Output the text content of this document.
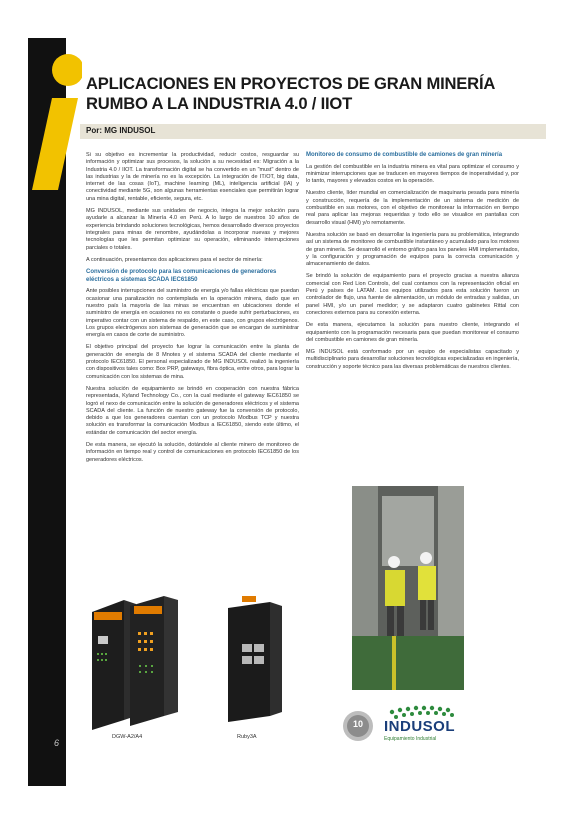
6
APLICACIONES EN PROYECTOS DE GRAN MINERÍA
RUMBO A LA INDUSTRIA 4.0 / IIOT
Por: MG INDUSOL

Si su objetivo es incrementar la productividad, reducir costos, resguardar su información y optimizar sus procesos, la solución a su necesidad es: Migración a la Industria 4.0 / IIOT. La transformación digital se ha convertido en un "must" dentro de las industrias y la de minería no es la excepción. La integración de IT/OT, big data, internet de las cosas (IoT), machine learning (ML), inteligencia artificial (IA) y conectividad mediante 5G, son algunas herramientas esenciales que permitirán lograr una mina digital, rentable, eficiente, segura, etc.

MG INDUSOL, mediante sus unidades de negocio, integra la mejor solución para ayudarle a alcanzar la Minería 4.0 en Perú. A lo largo de nuestros 10 años de experiencia brindando soluciones tecnológicas, hemos desarrollado diversos proyectos integrales para minas de renombre, ayudándolas a incorporar nuevas y mejores tecnologías que les permitan optimizar su operación, eliminando interrupciones parciales o totales.

A continuación, presentamos dos aplicaciones para el sector de minería:

Conversión de protocolo para las comunicaciones de generadores eléctricos a sistemas SCADA IEC61850

Ante posibles interrupciones del suministro de energía y/o fallas eléctricas que puedan ocasionar una paralización no contemplada en la operación minera, dado que en nuestro país la mayoría de las minas se encuentran en ubicaciones donde el suministro de energía en ocasiones no es constante o puede sufrir perturbaciones, es imperativo contar con un sistema de respaldo, en este caso, con grupos electrógenos. Los grupos electrógenos son sistemas de generación que se encargan de suministrar energía en casos de corte de suministro.

El objetivo principal del proyecto fue lograr la comunicación entre la planta de generación de energía de 8 Mnotes y el sistema SCADA del cliente mediante el protocolo IEC61850. El personal especializado de MG INDUSOL realizó la ingeniería con dispositivos tales como: Box PRP, gateways, fibra óptica, entre otros, para lograr la comunicación con los sistemas de mina.

Nuestra solución de equipamiento se brindó en cooperación con nuestra fábrica representada, Kyland Technology Co., con la cual mediante el gateway IEC61850 se logró el nexo de comunicación entre la solución de generadores eléctricos y el sistema SCADA del cliente. La función de nuestro gateway fue la conversión de protocolo, debido a que los generadores cuentan con un protocolo Modbus TCP y nuestra solución es transformar la comunicación Modbus a IEC61850, siendo este último, el estándar de comunicación del sector energía.

De esta manera, se ejecutó la solución, dotándole al cliente minero de monitoreo de información en tiempo real y control de comunicaciones en protocolo IEC61850 de los generadores eléctricos.

Monitoreo de consumo de combustible de camiones de gran minería

La gestión del combustible en la industria minera es vital para optimizar el consumo y minimizar interrupciones que se traducen en mayores tiempos de inoperatividad y, por lo tanto, mayores y elevados costos en la operación.

Nuestro cliente, líder mundial en comercialización de maquinaria pesada para minería y construcción, requería de la implementación de un sistema de medición de combustible en sus motores, con el objetivo de monitorear la información en tiempo real para aplicar las mejoras requeridas y todo ello se visualice en pantallas con desarrollo visual (HMI) y/o remotamente.

Nuestra solución se basó en desarrollar la ingeniería para su problemática, integrando así un sistema de monitoreo de combustible instantáneo y acumulado para los motores de gran minería. Se desarrolló el entorno gráfico para los paneles HMI implementados, y la configuración y programación de equipos para la correcta comunicación y almacenamiento de datos.

Se brindó la solución de equipamiento para el proyecto gracias a nuestra alianza comercial con Red Lion Controls, del cual contamos con la representación oficial en Perú y países de LATAM. Los equipos utilizados para esta solución fueron un controlador de flujo, una fuente de alimentación, un módulo de entradas y salidas, un panel HMI, y/o un panel medidor; y se adaptaron cuatro gabinetes Rittal con conectores externos para su conexión externa.

De esta manera, ejecutamos la solución para nuestro cliente, integrando el equipamiento con la programación necesaria para que puedan monitorear el consumo del combustible en camiones de gran minería.

MG INDUSOL está conformado por un equipo de especialistas capacitado y multidisciplinario para desarrollar soluciones tecnológicas especializadas en ingeniería, construcción y soporte técnico para las diversas problemáticas de nuestros clientes.

DGW-A2/A4	Ruby3A
10 INDUSOL
Equipamiento Industrial
